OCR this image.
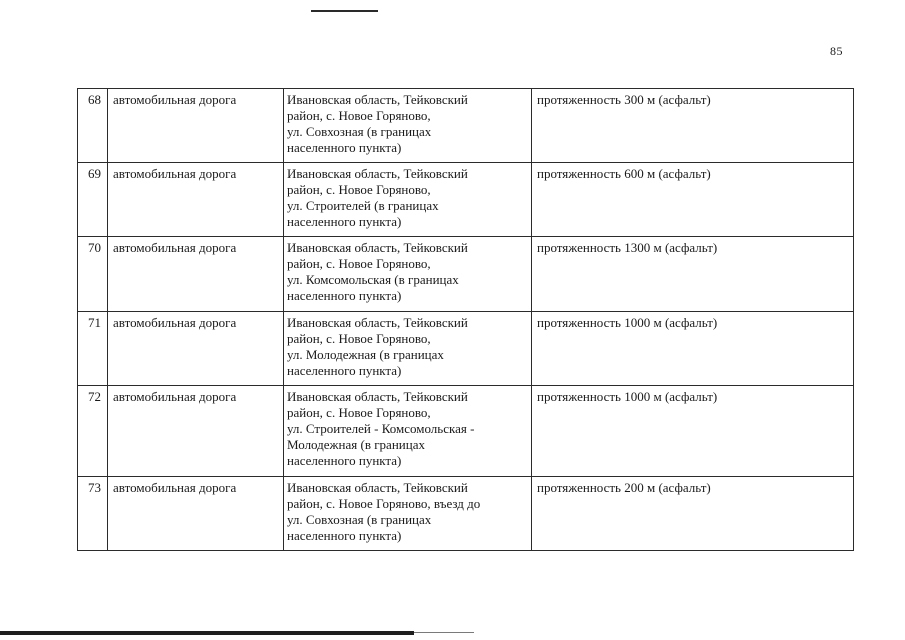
85
68	автомобильная дорога	Ивановская область, Тейковский
район, с. Новое Горяново,
ул. Совхозная (в границах
населенного пункта)	протяженность 300 м (асфальт)
69	автомобильная дорога	Ивановская область, Тейковский
район, с. Новое Горяново,
ул. Строителей (в границах
населенного пункта)	протяженность 600 м (асфальт)
70	автомобильная дорога	Ивановская область, Тейковский
район, с. Новое Горяново,
ул. Комсомольская (в границах
населенного пункта)	протяженность 1300 м (асфальт)
71	автомобильная дорога	Ивановская область, Тейковский
район, с. Новое Горяново,
ул. Молодежная (в границах
населенного пункта)	протяженность 1000 м (асфальт)
72	автомобильная дорога	Ивановская область, Тейковский
район, с. Новое Горяново,
ул. Строителей - Комсомольская -
Молодежная (в границах
населенного пункта)	протяженность 1000 м (асфальт)
73	автомобильная дорога	Ивановская область, Тейковский
район, с. Новое Горяново, въезд до
ул. Совхозная (в границах
населенного пункта)	протяженность 200 м (асфальт)
